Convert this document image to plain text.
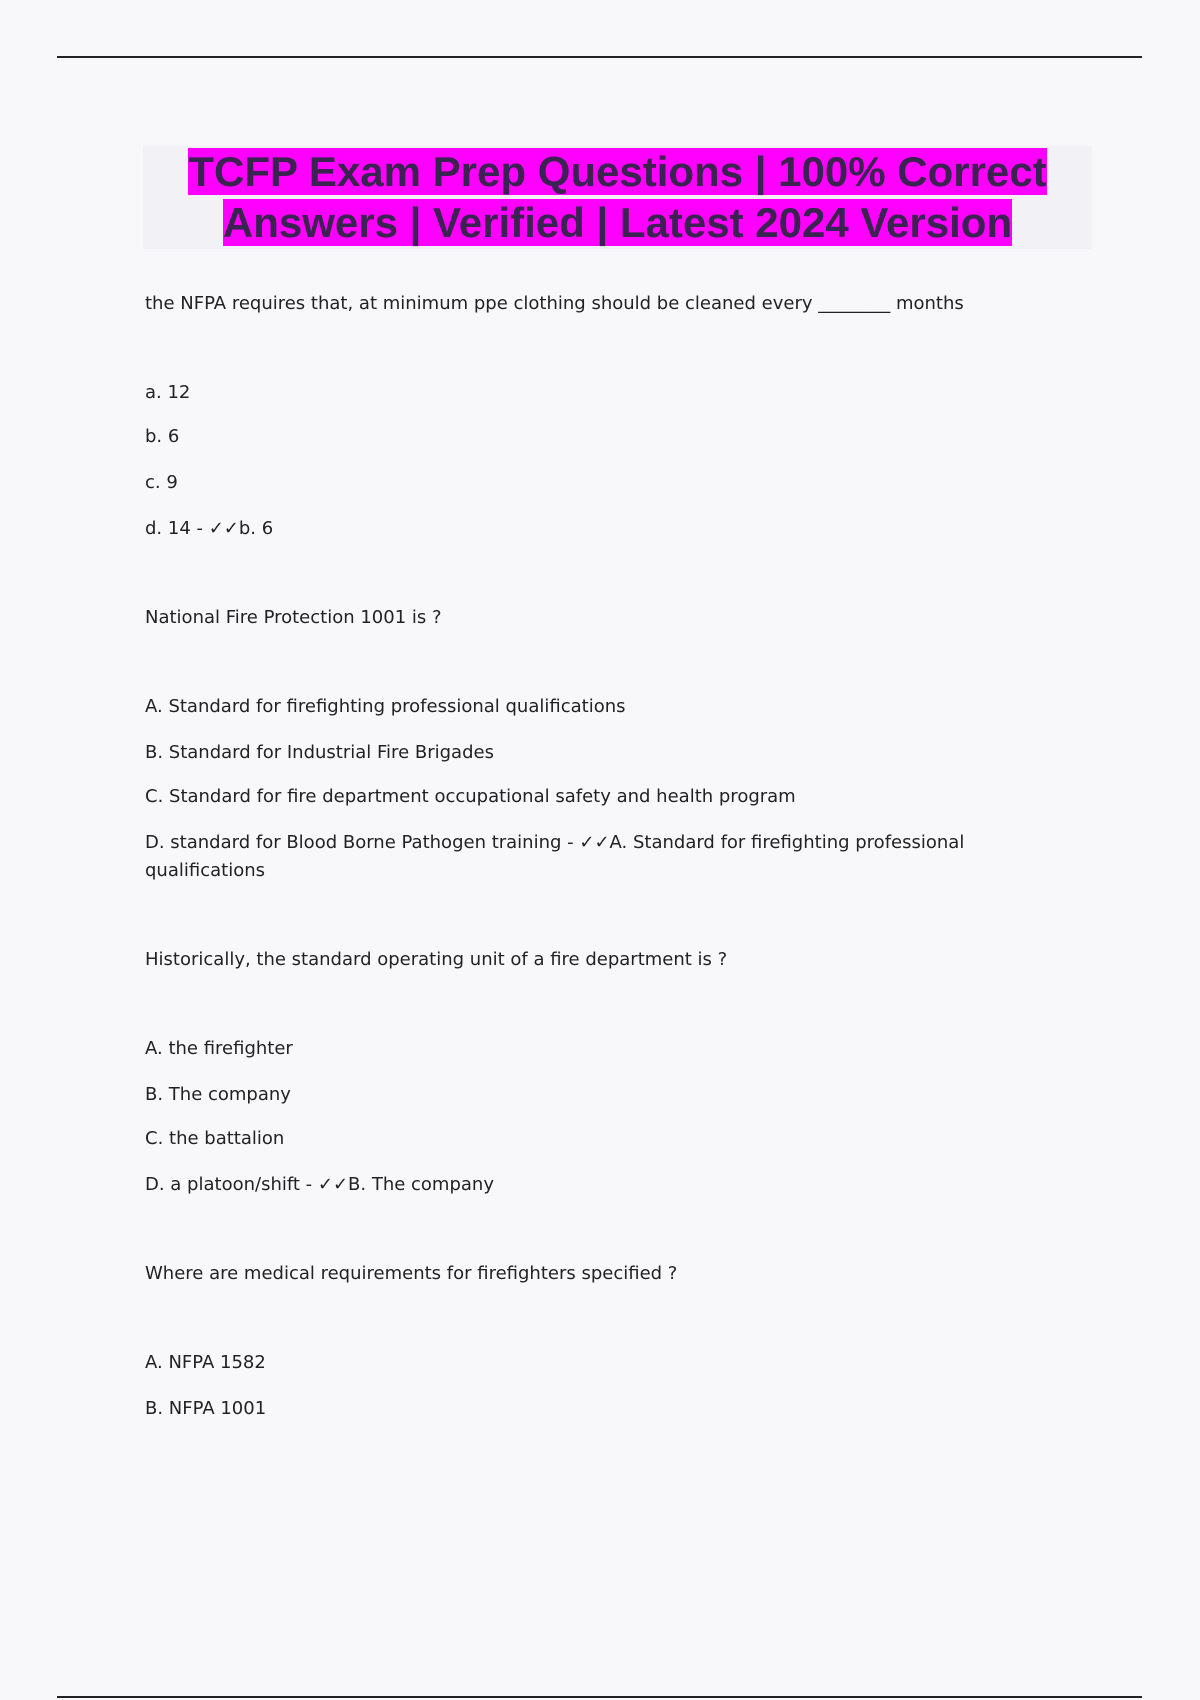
TCFP Exam Prep Questions | 100% Correct
Answers | Verified | Latest 2024 Version

the NFPA requires that, at minimum ppe clothing should be cleaned every ________ months

a. 12
b. 6
c. 9
d. 14 - ✓✓b. 6

National Fire Protection 1001 is ?

A. Standard for firefighting professional qualifications
B. Standard for Industrial Fire Brigades
C. Standard for fire department occupational safety and health program
D. standard for Blood Borne Pathogen training - ✓✓A. Standard for firefighting professional qualifications

Historically, the standard operating unit of a fire department is ?

A. the firefighter
B. The company
C. the battalion
D. a platoon/shift - ✓✓B. The company

Where are medical requirements for firefighters specified ?

A. NFPA 1582
B. NFPA 1001
